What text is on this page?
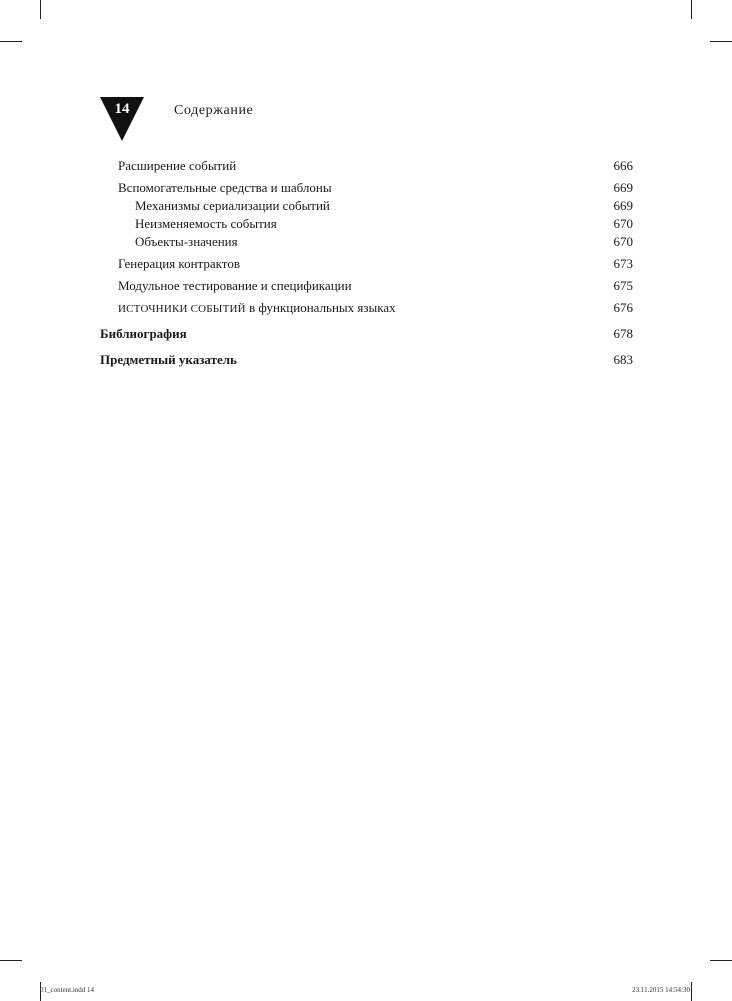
14	Содержание
Расширение событий	666
Вспомогательные средства и шаблоны	669
Механизмы сериализации событий	669
Неизменяемость события	670
Объекты-значения	670
Генерация контрактов	673
Модульное тестирование и спецификации	675
ИСТОЧНИКИ СОБЫТИЙ в функциональных языках	676
Библиография	678
Предметный указатель	683
01_content.indd 14	23.11.2015 14:54:30
